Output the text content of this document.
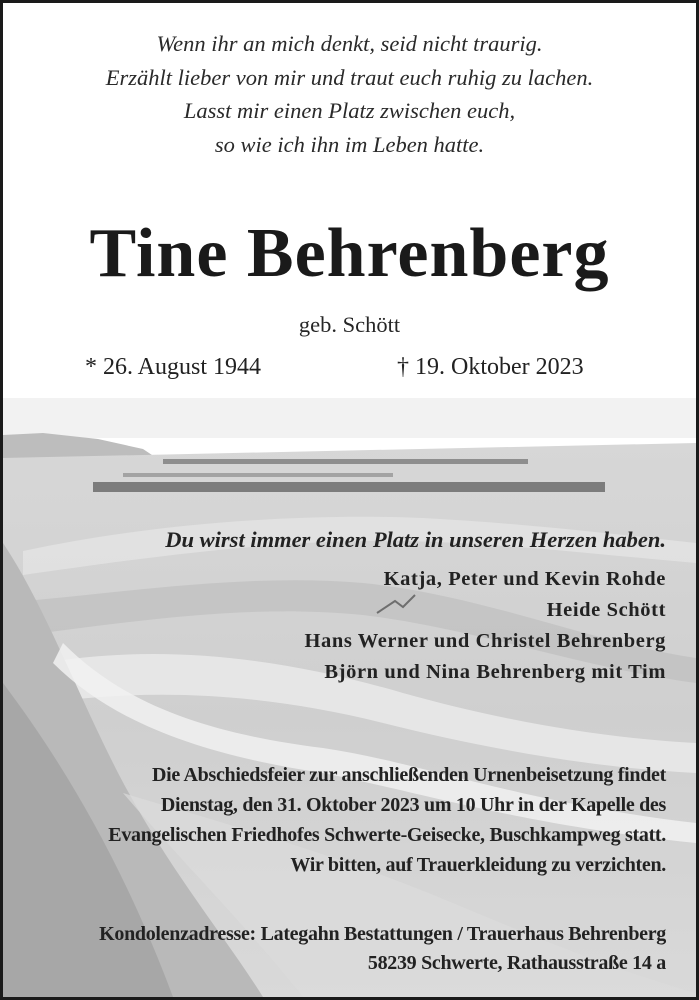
Wenn ihr an mich denkt, seid nicht traurig.
Erzählt lieber von mir und traut euch ruhig zu lachen.
Lasst mir einen Platz zwischen euch,
so wie ich ihn im Leben hatte.
Tine Behrenberg
geb. Schött
* 26. August 1944	† 19. Oktober 2023
Du wirst immer einen Platz in unseren Herzen haben.
Katja, Peter und Kevin Rohde
Heide Schött
Hans Werner und Christel Behrenberg
Björn und Nina Behrenberg mit Tim
Die Abschiedsfeier zur anschließenden Urnenbeisetzung findet
Dienstag, den 31. Oktober 2023 um 10 Uhr in der Kapelle des
Evangelischen Friedhofes Schwerte-Geisecke, Buschkampweg statt.
Wir bitten, auf Trauerkleidung zu verzichten.
Kondolenzadresse: Lategahn Bestattungen / Trauerhaus Behrenberg
58239 Schwerte, Rathausstraße 14 a
